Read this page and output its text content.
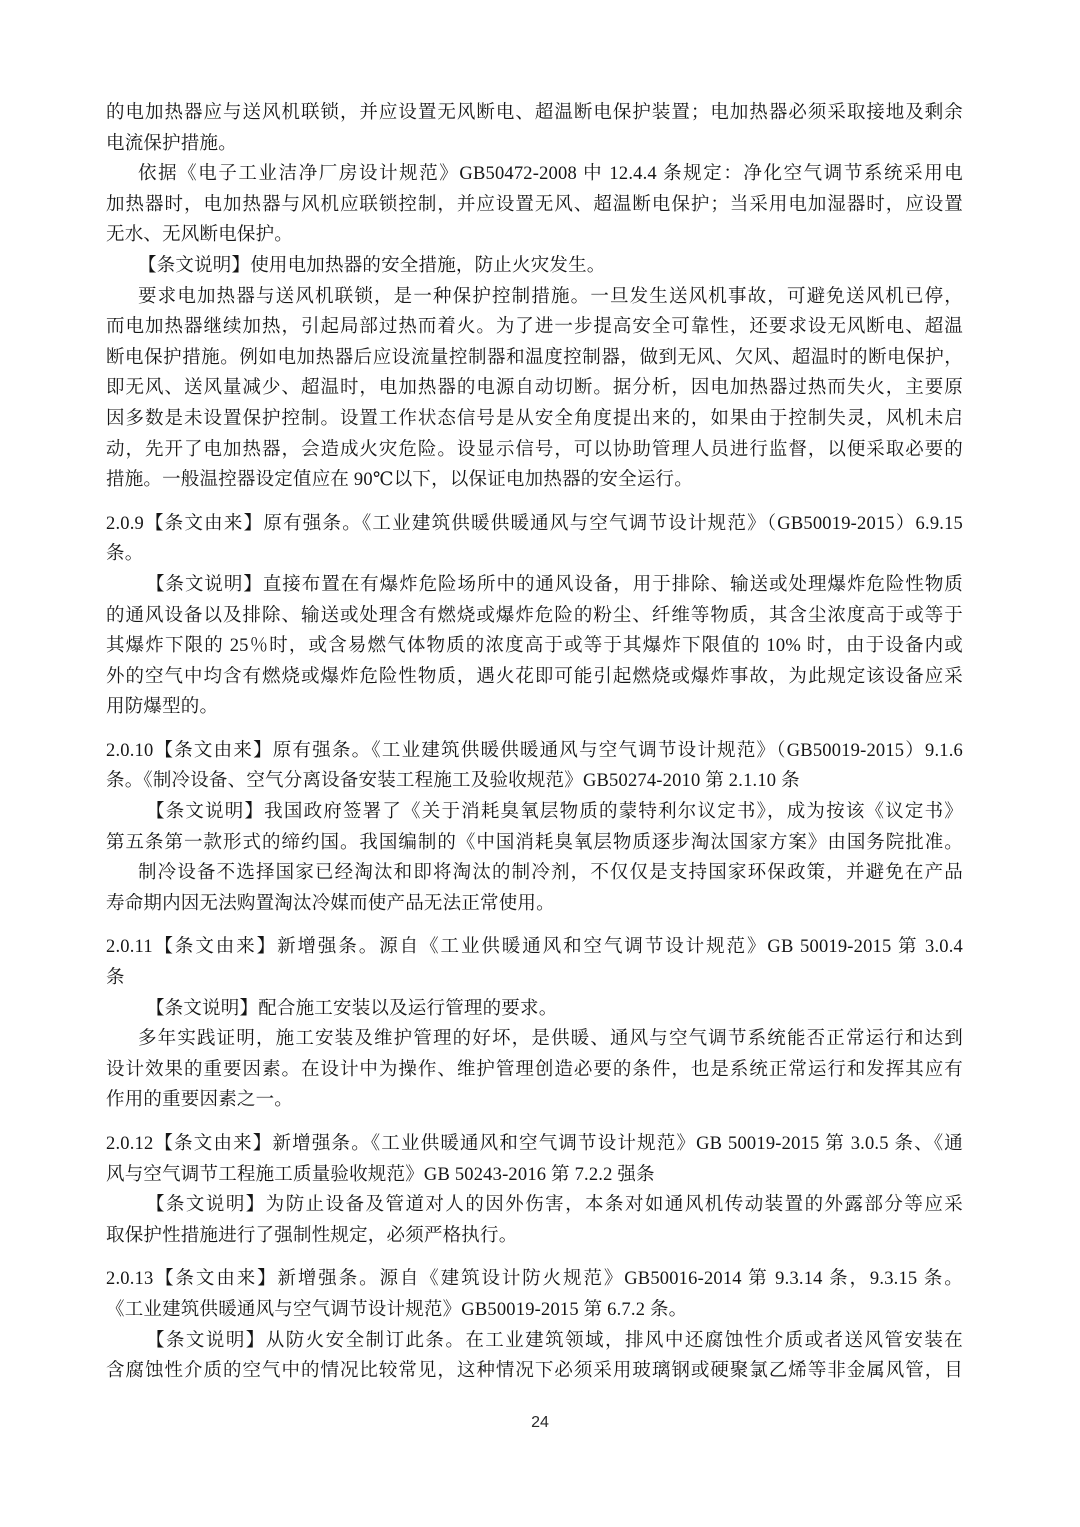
的电加热器应与送风机联锁，并应设置无风断电、超温断电保护装置；电加热器必须采取接地及剩余
电流保护措施。
依据《电子工业洁净厂房设计规范》GB50472-2008 中 12.4.4 条规定：净化空气调节系统采用电
加热器时，电加热器与风机应联锁控制，并应设置无风、超温断电保护；当采用电加湿器时，应设置
无水、无风断电保护。
【条文说明】使用电加热器的安全措施，防止火灾发生。
要求电加热器与送风机联锁，是一种保护控制措施。一旦发生送风机事故，可避免送风机已停，
而电加热器继续加热，引起局部过热而着火。为了进一步提高安全可靠性，还要求设无风断电、超温
断电保护措施。例如电加热器后应设流量控制器和温度控制器，做到无风、欠风、超温时的断电保护，
即无风、送风量减少、超温时，电加热器的电源自动切断。据分析，因电加热器过热而失火，主要原
因多数是未设置保护控制。设置工作状态信号是从安全角度提出来的，如果由于控制失灵，风机未启
动，先开了电加热器，会造成火灾危险。设显示信号，可以协助管理人员进行监督，以便采取必要的
措施。一般温控器设定值应在 90℃以下，以保证电加热器的安全运行。
2.0.9【条文由来】原有强条。《工业建筑供暖供暖通风与空气调节设计规范》（GB50019-2015）6.9.15
条。
【条文说明】直接布置在有爆炸危险场所中的通风设备，用于排除、输送或处理爆炸危险性物质
的通风设备以及排除、输送或处理含有燃烧或爆炸危险的粉尘、纤维等物质，其含尘浓度高于或等于
其爆炸下限的 25％时，或含易燃气体物质的浓度高于或等于其爆炸下限值的 10% 时，由于设备内或
外的空气中均含有燃烧或爆炸危险性物质，遇火花即可能引起燃烧或爆炸事故，为此规定该设备应采
用防爆型的。
2.0.10【条文由来】原有强条。《工业建筑供暖供暖通风与空气调节设计规范》（GB50019-2015）9.1.6
条。《制冷设备、空气分离设备安装工程施工及验收规范》GB50274-2010 第 2.1.10 条
【条文说明】我国政府签署了《关于消耗臭氧层物质的蒙特利尔议定书》，成为按该《议定书》
第五条第一款形式的缔约国。我国编制的《中国消耗臭氧层物质逐步淘汰国家方案》由国务院批准。
制冷设备不选择国家已经淘汰和即将淘汰的制冷剂，不仅仅是支持国家环保政策，并避免在产品
寿命期内因无法购置淘汰冷媒而使产品无法正常使用。
2.0.11【条文由来】新增强条。源自《工业供暖通风和空气调节设计规范》GB 50019-2015 第 3.0.4
条
【条文说明】配合施工安装以及运行管理的要求。
多年实践证明，施工安装及维护管理的好坏，是供暖、通风与空气调节系统能否正常运行和达到
设计效果的重要因素。在设计中为操作、维护管理创造必要的条件，也是系统正常运行和发挥其应有
作用的重要因素之一。
2.0.12【条文由来】新增强条。《工业供暖通风和空气调节设计规范》GB 50019-2015 第 3.0.5 条、《通
风与空气调节工程施工质量验收规范》GB 50243-2016 第 7.2.2 强条
【条文说明】为防止设备及管道对人的因外伤害，本条对如通风机传动装置的外露部分等应采
取保护性措施进行了强制性规定，必须严格执行。
2.0.13【条文由来】新增强条。源自《建筑设计防火规范》GB50016-2014 第 9.3.14 条，9.3.15 条。
《工业建筑供暖通风与空气调节设计规范》GB50019-2015 第 6.7.2 条。
【条文说明】从防火安全制订此条。在工业建筑领域，排风中还腐蚀性介质或者送风管安装在
含腐蚀性介质的空气中的情况比较常见，这种情况下必须采用玻璃钢或硬聚氯乙烯等非金属风管，目
24
